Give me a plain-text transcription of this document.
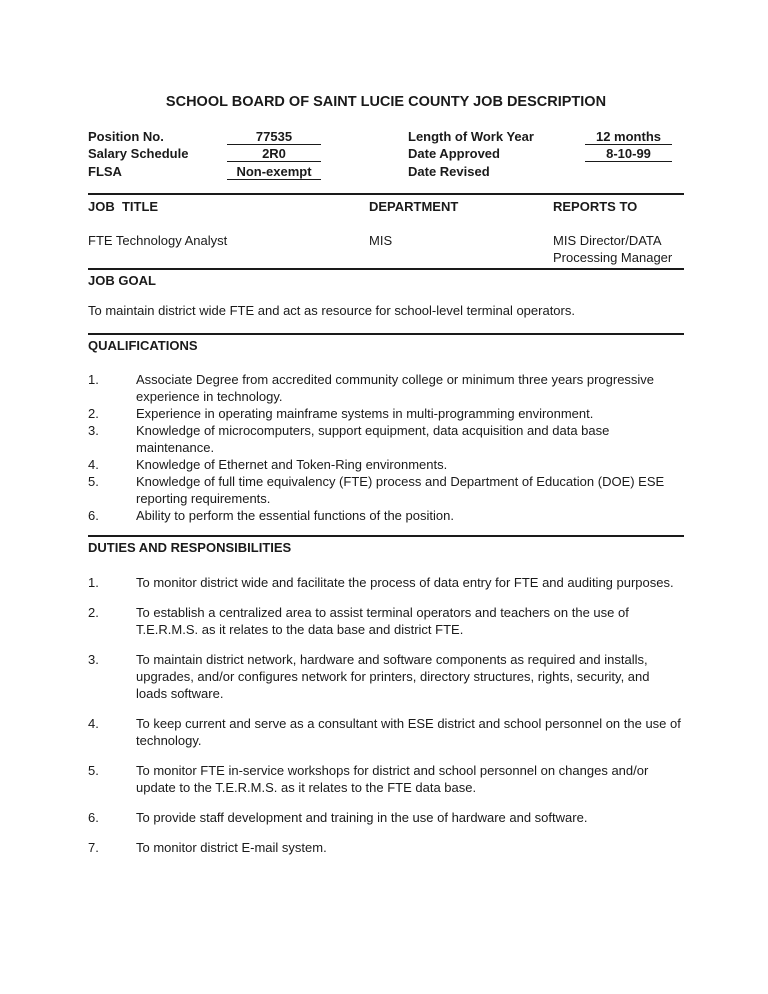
SCHOOL BOARD OF SAINT LUCIE COUNTY JOB DESCRIPTION
Position No.	77535
Salary Schedule	2R0
FLSA	Non-exempt
Length of Work Year	12 months
Date Approved	8-10-99
Date Revised
JOB  TITLE	DEPARTMENT	REPORTS TO
FTE Technology Analyst	MIS	MIS Director/DATA Processing Manager
JOB GOAL

To maintain district wide FTE and act as resource for school-level terminal operators.

QUALIFICATIONS
1.	Associate Degree from accredited community college or minimum three years progressive experience in technology.
2.	Experience in operating mainframe systems in multi-programming environment.
3.	Knowledge of microcomputers, support equipment, data acquisition and data base maintenance.
4.	Knowledge of Ethernet and Token-Ring environments.
5.	Knowledge of full time equivalency (FTE) process and Department of Education (DOE) ESE reporting requirements.
6.	Ability to perform the essential functions of the position.
DUTIES AND RESPONSIBILITIES
1.	To monitor district wide and facilitate the process of data entry for FTE and auditing purposes.
2.	To establish a centralized area to assist terminal operators and teachers on the use of T.E.R.M.S. as it relates to the data base and district FTE.
3.	To maintain district network, hardware and software components as required and installs, upgrades, and/or configures network for printers, directory structures, rights, security, and loads software.
4.	To keep current and serve as a consultant with ESE district and school personnel on the use of technology.
5.	To monitor FTE in-service workshops for district and school personnel on changes and/or update to the T.E.R.M.S. as it relates to the FTE data base.
6.	To provide staff development and training in the use of hardware and software.
7.	To monitor district E-mail system.
